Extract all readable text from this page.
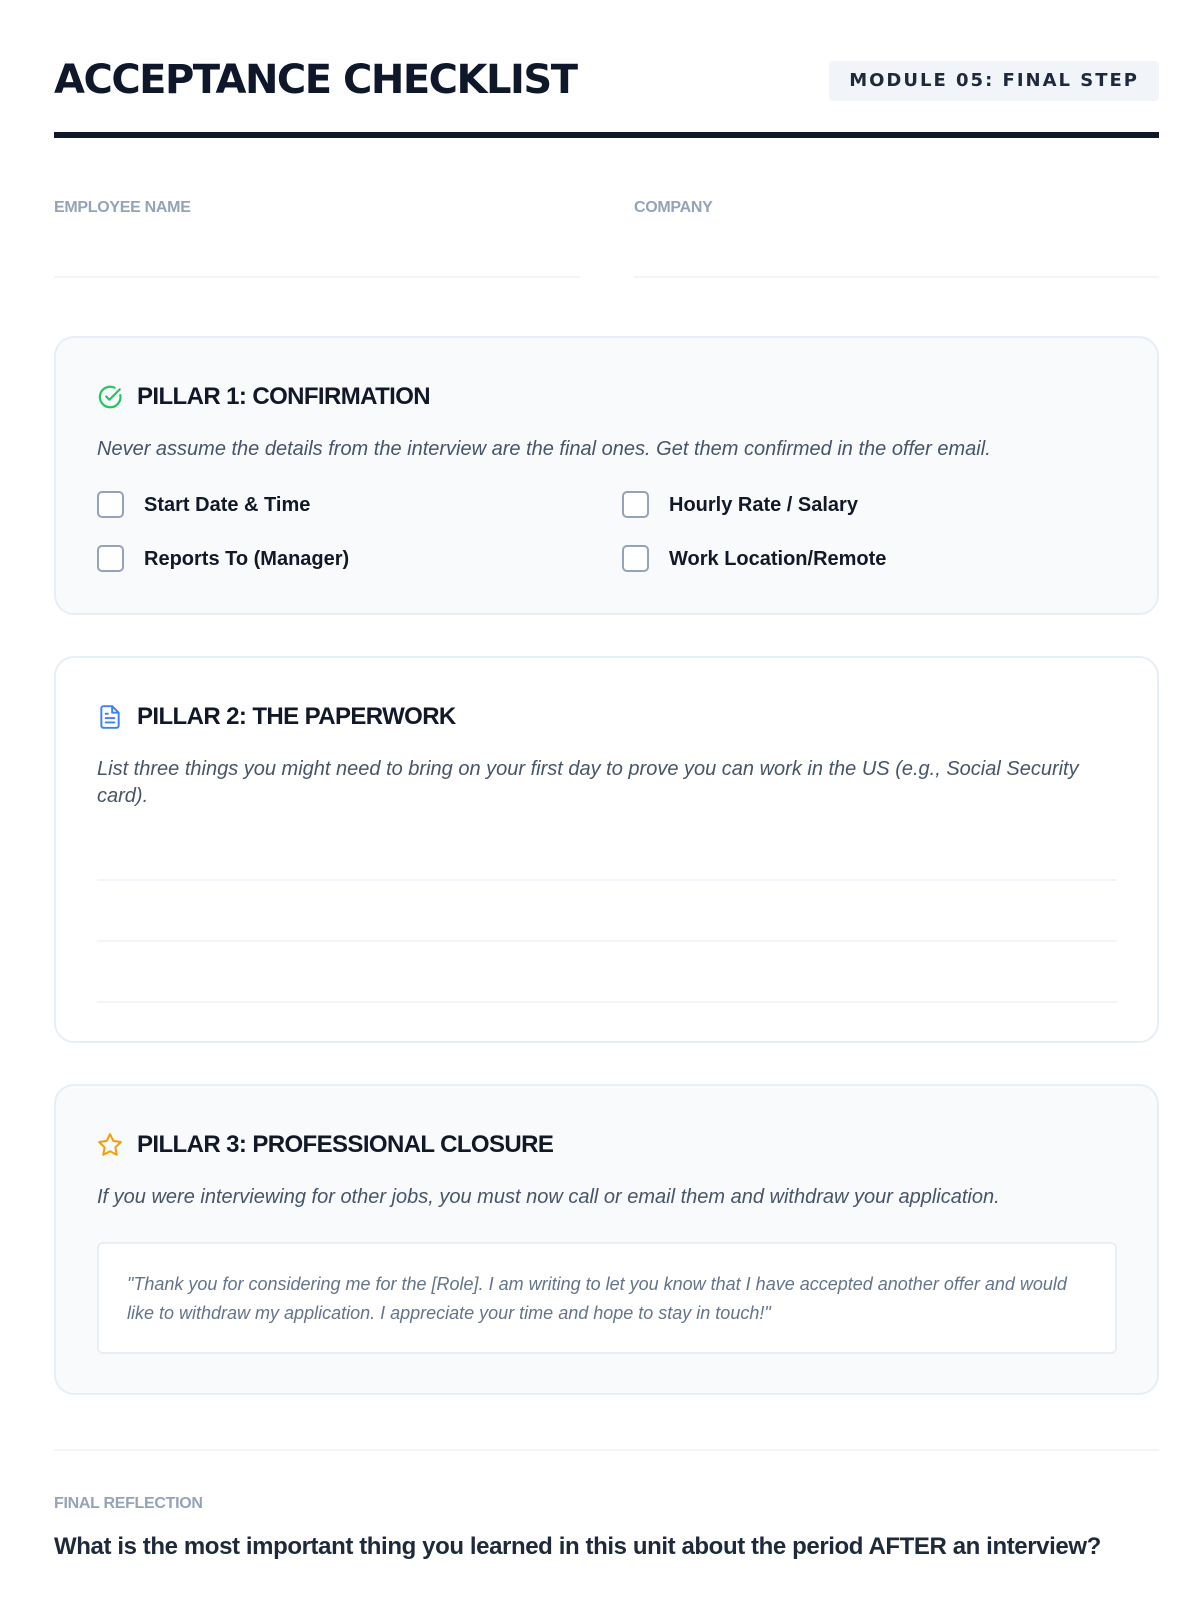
ACCEPTANCE CHECKLIST	MODULE 05: FINAL STEP
EMPLOYEE NAME	COMPANY
PILLAR 1: CONFIRMATION

Never assume the details from the interview are the final ones. Get them confirmed in the offer email.

Start Date & Time	Hourly Rate / Salary
Reports To (Manager)	Work Location/Remote
PILLAR 2: THE PAPERWORK

List three things you might need to bring on your first day to prove you can work in the US (e.g., Social Security card).

PILLAR 3: PROFESSIONAL CLOSURE

If you were interviewing for other jobs, you must now call or email them and withdraw your application.

"Thank you for considering me for the [Role]. I am writing to let you know that I have accepted another offer and would like to withdraw my application. I appreciate your time and hope to stay in touch!"

FINAL REFLECTION
What is the most important thing you learned in this unit about the period AFTER an interview?
